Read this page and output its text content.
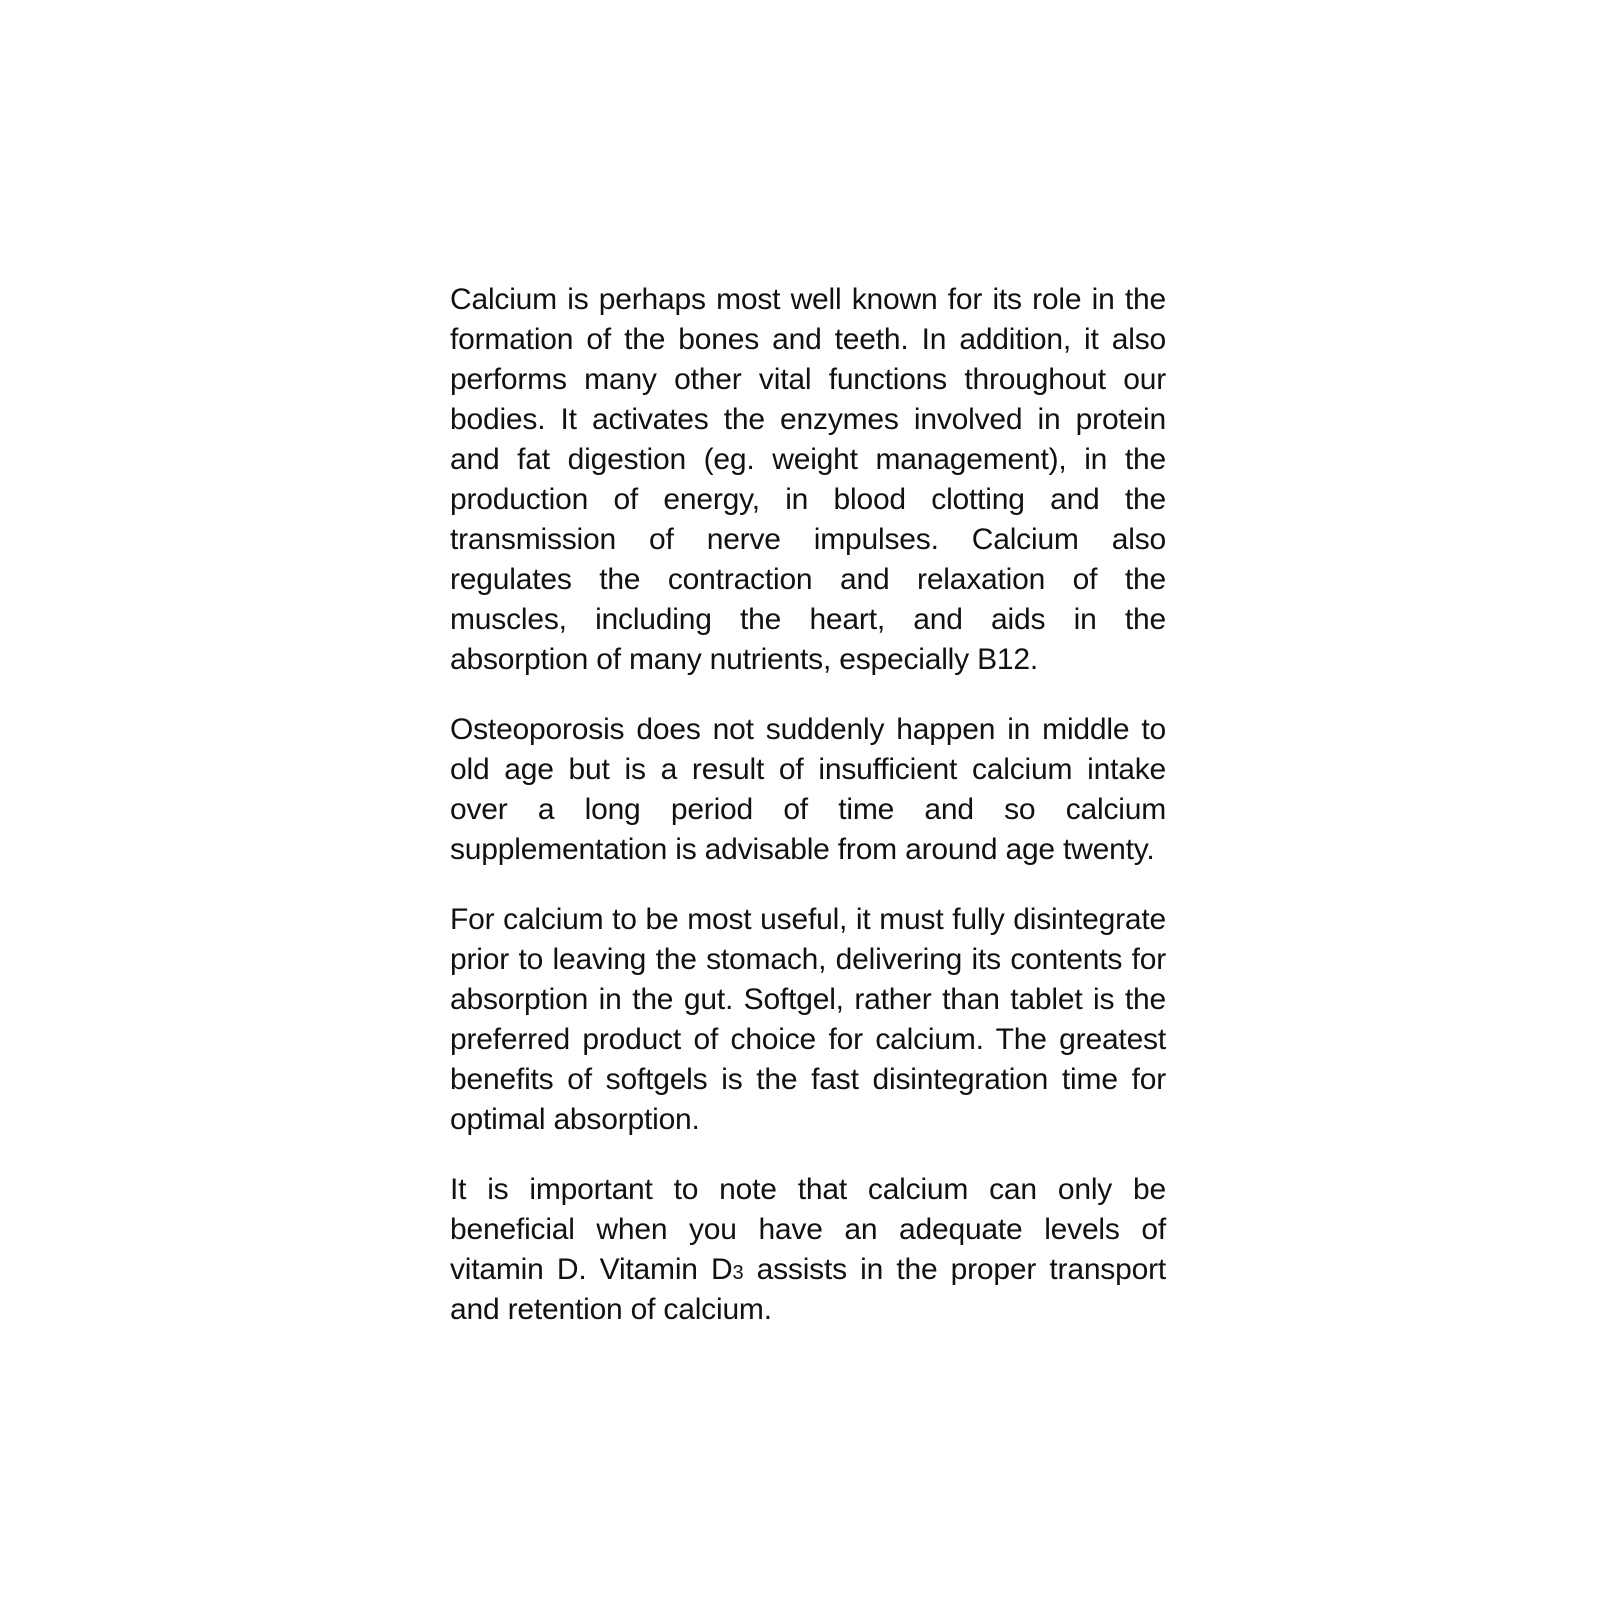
Calcium is perhaps most well known for its role in the formation of the bones and teeth. In addition, it also performs many other vital functions throughout our bodies. It activates the enzymes involved in protein and fat digestion (eg. weight management), in the production of energy, in blood clotting and the transmission of nerve impulses. Calcium also regulates the contraction and relaxation of the muscles, including the heart, and aids in the absorption of many nutrients, especially B12.

Osteoporosis does not suddenly happen in middle to old age but is a result of insufficient calcium intake over a long period of time and so calcium supplementation is advisable from around age twenty.

For calcium to be most useful, it must fully disintegrate prior to leaving the stomach, delivering its contents for absorption in the gut. Softgel, rather than tablet is the preferred product of choice for calcium. The greatest benefits of softgels is the fast disintegration time for optimal absorption.

It is important to note that calcium can only be beneficial when you have an adequate levels of vitamin D. Vitamin D3 assists in the proper transport and retention of calcium.
